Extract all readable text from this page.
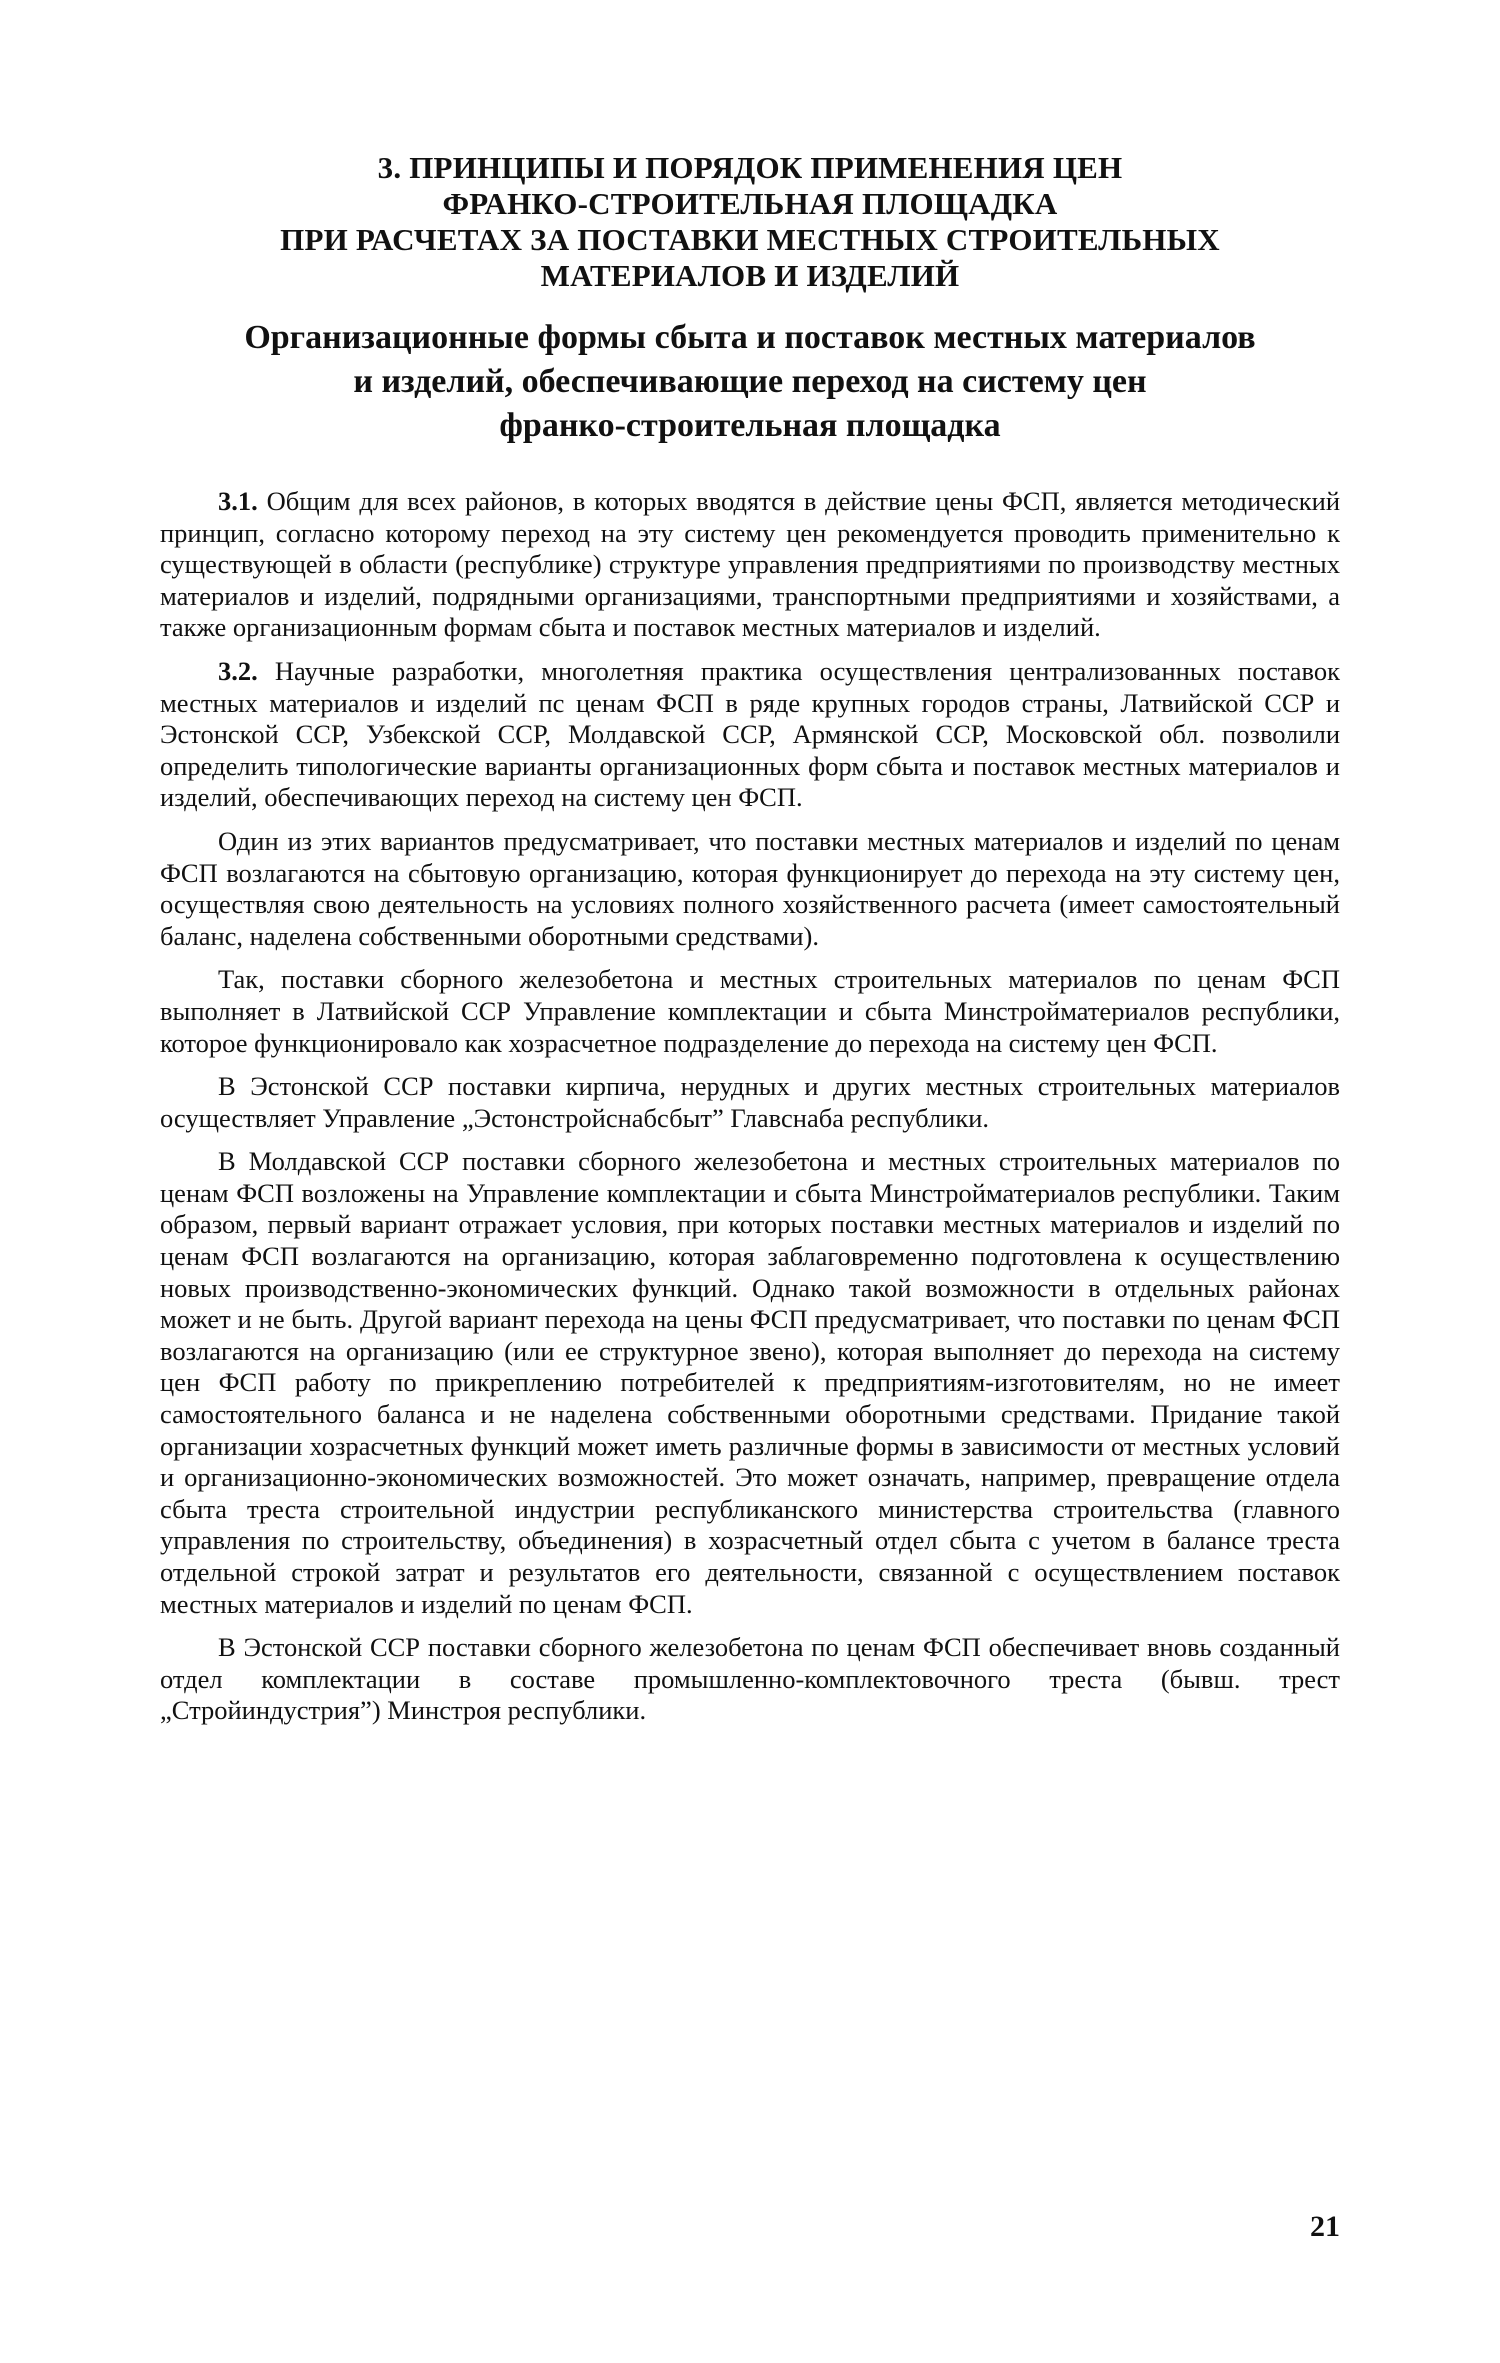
3. ПРИНЦИПЫ И ПОРЯДОК ПРИМЕНЕНИЯ ЦЕН
ФРАНКО-СТРОИТЕЛЬНАЯ ПЛОЩАДКА
ПРИ РАСЧЕТАХ ЗА ПОСТАВКИ МЕСТНЫХ СТРОИТЕЛЬНЫХ
МАТЕРИАЛОВ И ИЗДЕЛИЙ
Организационные формы сбыта и поставок местных материалов
и изделий, обеспечивающие переход на систему цен
франко-строительная площадка

3.1. Общим для всех районов, в которых вводятся в действие цены ФСП, является методический принцип, согласно которому переход на эту систему цен рекомендуется проводить применительно к существующей в области (республике) структуре управления предприятиями по производству местных материалов и изделий, подрядными организациями, транспортными предприятиями и хозяйствами, а также организационным формам сбыта и поставок местных материалов и изделий.

3.2. Научные разработки, многолетняя практика осуществления централизованных поставок местных материалов и изделий пс ценам ФСП в ряде крупных городов страны, Латвийской ССР и Эстонской ССР, Узбекской ССР, Молдавской ССР, Армянской ССР, Московской обл. позволили определить типологические варианты организационных форм сбыта и поставок местных материалов и изделий, обеспечивающих переход на систему цен ФСП.

Один из этих вариантов предусматривает, что поставки местных материалов и изделий по ценам ФСП возлагаются на сбытовую организацию, которая функционирует до перехода на эту систему цен, осуществляя свою деятельность на условиях полного хозяйственного расчета (имеет самостоятельный баланс, наделена собственными оборотными средствами).

Так, поставки сборного железобетона и местных строительных материалов по ценам ФСП выполняет в Латвийской ССР Управление комплектации и сбыта Минстройматериалов республики, которое функционировало как хозрасчетное подразделение до перехода на систему цен ФСП.

В Эстонской ССР поставки кирпича, нерудных и других местных строительных материалов осуществляет Управление „Эстонстройснабсбыт” Главснаба республики.

В Молдавской ССР поставки сборного железобетона и местных строительных материалов по ценам ФСП возложены на Управление комплектации и сбыта Минстройматериалов республики. Таким образом, первый вариант отражает условия, при которых поставки местных материалов и изделий по ценам ФСП возлагаются на организацию, которая заблаговременно подготовлена к осуществлению новых производственно-экономических функций. Однако такой возможности в отдельных районах может и не быть. Другой вариант перехода на цены ФСП предусматривает, что поставки по ценам ФСП возлагаются на организацию (или ее структурное звено), которая выполняет до перехода на систему цен ФСП работу по прикреплению потребителей к предприятиям-изготовителям, но не имеет самостоятельного баланса и не наделена собственными оборотными средствами. Придание такой организации хозрасчетных функций может иметь различные формы в зависимости от местных условий и организационно-экономических возможностей. Это может означать, например, превращение отдела сбыта треста строительной индустрии республиканского министерства строительства (главного управления по строительству, объединения) в хозрасчетный отдел сбыта с учетом в балансе треста отдельной строкой затрат и результатов его деятельности, связанной с осуществлением поставок местных материалов и изделий по ценам ФСП.

В Эстонской ССР поставки сборного железобетона по ценам ФСП обеспечивает вновь созданный отдел комплектации в составе промышленно-комплектовочного треста (бывш. трест „Стройиндустрия”) Минстроя республики.

21
